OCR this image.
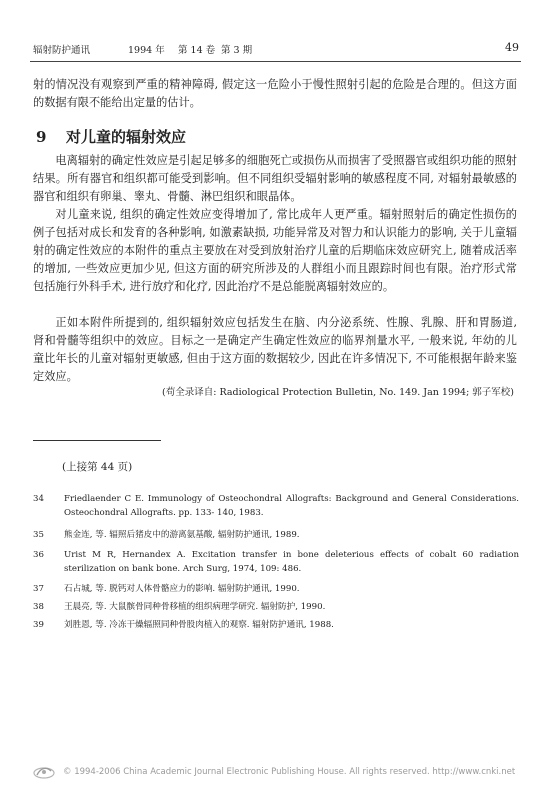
辐射防护通讯	1994 年 第 14 卷 第 3 期	49

射的情况没有观察到严重的精神障碍, 假定这一危险小于慢性照射引起的危险是合理的。但这方面的数据有限不能给出定量的估计。

9 对儿童的辐射效应

电离辐射的确定性效应是引起足够多的细胞死亡或损伤从而损害了受照器官或组织功能的照射结果。所有器官和组织都可能受到影响。但不同组织受辐射影响的敏感程度不同, 对辐射最敏感的器官和组织有卵巢、睾丸、骨髓、淋巴组织和眼晶体。

对儿童来说, 组织的确定性效应变得增加了, 常比成年人更严重。辐射照射后的确定性损伤的例子包括对成长和发育的各种影响, 如激素缺损, 功能异常及对智力和认识能力的影响, 关于儿童辐射的确定性效应的本附件的重点主要放在对受到放射治疗儿童的后期临床效应研究上, 随着成活率的增加, 一些效应更加少见, 但这方面的研究所涉及的人群组小而且跟踪时间也有限。治疗形式常包括施行外科手术, 进行放疗和化疗, 因此治疗不是总能脱离辐射效应的。

正如本附件所提到的, 组织辐射效应包括发生在脑、内分泌系统、性腺、乳腺、肝和胃肠道, 肾和骨髓等组织中的效应。目标之一是确定产生确定性效应的临界剂量水平, 一般来说, 年幼的儿童比年长的儿童对辐射更敏感, 但由于这方面的数据较少, 因此在许多情况下, 不可能根据年龄来鉴定效应。

(苟全录译自: Radiological Protection Bulletin, No. 149. Jan 1994; 郭子军校)
(上接第 44 页)
34	Friedlaender C E. Immunology of Osteochondral Allografts: Background and General Considerations. Osteochondral Allografts. pp. 133- 140, 1983.
35	熊金连, 等. 辐照后猪皮中的游离氨基酸, 辐射防护通讯, 1989.
36	Urist M R, Hernandex A. Excitation transfer in bone deleterious effects of cobalt 60 radiation sterilization on bank bone. Arch Surg, 1974, 109: 486.
37	石占城, 等. 脱钙对人体骨骼应力的影响. 辐射防护通讯, 1990.
38	王晨亮, 等. 大鼠髌骨同种骨移植的组织病理学研究. 辐射防护, 1990.
39	刘胜恩, 等. 冷冻干燥辐照同种骨股肉植入的观察. 辐射防护通讯, 1988.
© 1994-2006 China Academic Journal Electronic Publishing House. All rights reserved. http://www.cnki.net
